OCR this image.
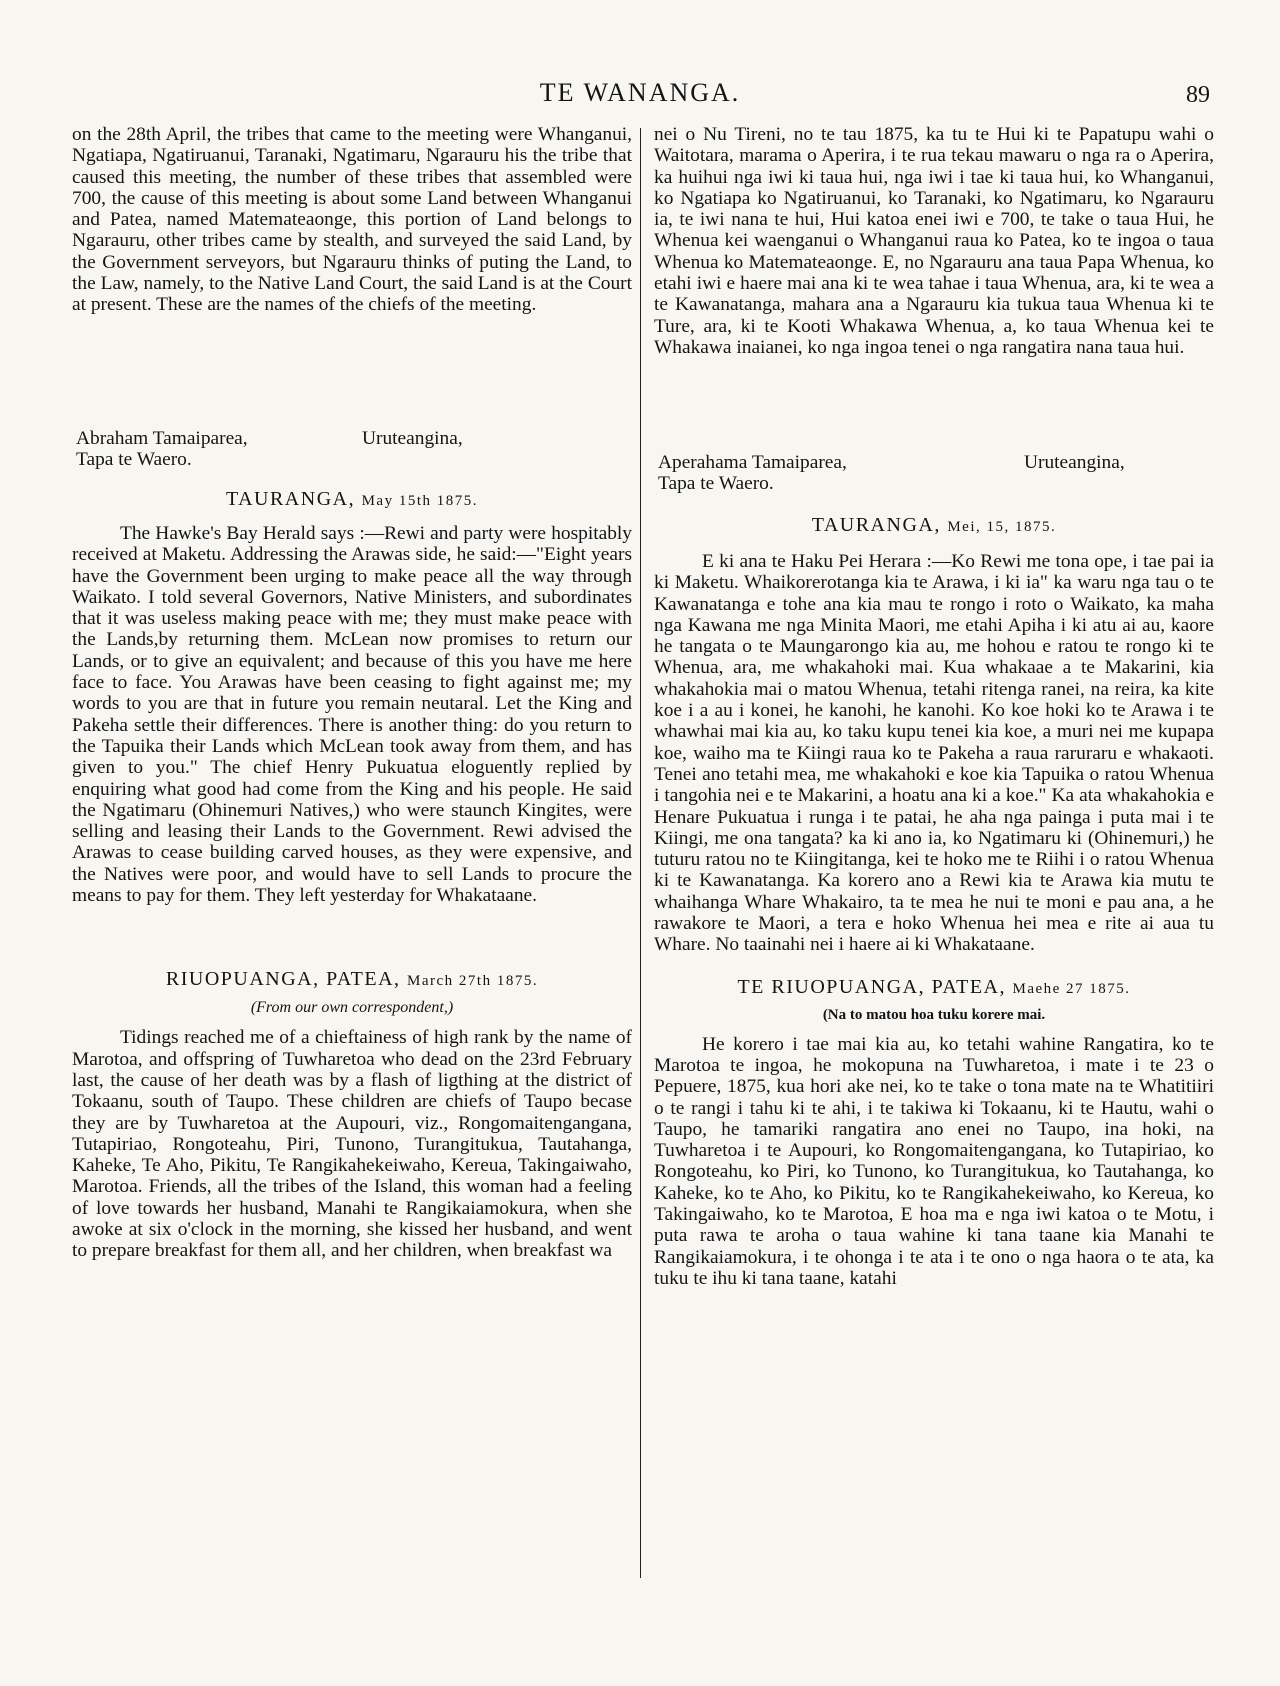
TE WANANGA.	89

on the 28th April, the tribes that came to the meeting were Whanganui, Ngatiapa, Ngatiruanui, Taranaki, Ngatimaru, Ngarauru his the tribe that caused this meeting, the number of these tribes that assembled were 700, the cause of this meeting is about some Land between Whanganui and Patea, named Matemateaonge, this portion of Land belongs to Ngarauru, other tribes came by stealth, and surveyed the said Land, by the Government serveyors, but Ngarauru thinks of puting the Land, to the Law, namely, to the Native Land Court, the said Land is at the Court at present. These are the names of the chiefs of the meeting.

Abraham Tamaiparea,	Uruteangina,
Tapa te Waero.
TAURANGA, May 15th 1875.

The Hawke's Bay Herald says :—Rewi and party were hospitably received at Maketu. Addressing the Arawas side, he said:—"Eight years have the Government been urging to make peace all the way through Waikato. I told several Governors, Native Ministers, and subordinates that it was useless making peace with me; they must make peace with the Lands,by returning them. McLean now promises to return our Lands, or to give an equivalent; and because of this you have me here face to face. You Arawas have been ceasing to fight against me; my words to you are that in future you remain neutaral. Let the King and Pakeha settle their differences. There is another thing: do you return to the Tapuika their Lands which McLean took away from them, and has given to you." The chief Henry Pukuatua eloguently replied by enquiring what good had come from the King and his people. He said the Ngatimaru (Ohinemuri Natives,) who were staunch Kingites, were selling and leasing their Lands to the Government. Rewi advised the Arawas to cease building carved houses, as they were expensive, and the Natives were poor, and would have to sell Lands to procure the means to pay for them. They left yesterday for Whakataane.

RIUOPUANGA, PATEA, March 27th 1875.

(From our own correspondent,)

Tidings reached me of a chieftainess of high rank by the name of Marotoa, and offspring of Tuwharetoa who dead on the 23rd February last, the cause of her death was by a flash of ligthing at the district of Tokaanu, south of Taupo. These children are chiefs of Taupo becase they are by Tuwharetoa at the Aupouri, viz., Rongomaitengangana, Tutapiriao, Rongoteahu, Piri, Tunono, Turangitukua, Tautahanga, Kaheke, Te Aho, Pikitu, Te Rangikahekeiwaho, Kereua, Takingaiwaho, Marotoa. Friends, all the tribes of the Island, this woman had a feeling of love towards her husband, Manahi te Rangikaiamokura, when she awoke at six o'clock in the morning, she kissed her husband, and went to prepare breakfast for them all, and her children, when breakfast wa

nei o Nu Tireni, no te tau 1875, ka tu te Hui ki te Papatupu wahi o Waitotara, marama o Aperira, i te rua tekau mawaru o nga ra o Aperira, ka huihui nga iwi ki taua hui, nga iwi i tae ki taua hui, ko Whanganui, ko Ngatiapa ko Ngatiruanui, ko Taranaki, ko Ngatimaru, ko Ngarauru ia, te iwi nana te hui, Hui katoa enei iwi e 700, te take o taua Hui, he Whenua kei waenganui o Whanganui raua ko Patea, ko te ingoa o taua Whenua ko Matemateaonge. E, no Ngarauru ana taua Papa Whenua, ko etahi iwi e haere mai ana ki te wea tahae i taua Whenua, ara, ki te wea a te Kawanatanga, mahara ana a Ngarauru kia tukua taua Whenua ki te Ture, ara, ki te Kooti Whakawa Whenua, a, ko taua Whenua kei te Whakawa inaianei, ko nga ingoa tenei o nga rangatira nana taua hui.

Aperahama Tamaiparea,	Uruteangina,
Tapa te Waero.
TAURANGA, Mei, 15, 1875.

E ki ana te Haku Pei Herara :—Ko Rewi me tona ope, i tae pai ia ki Maketu. Whaikorerotanga kia te Arawa, i ki ia" ka waru nga tau o te Kawanatanga e tohe ana kia mau te rongo i roto o Waikato, ka maha nga Kawana me nga Minita Maori, me etahi Apiha i ki atu ai au, kaore he tangata o te Maungarongo kia au, me hohou e ratou te rongo ki te Whenua, ara, me whakahoki mai. Kua whakaae a te Makarini, kia whakahokia mai o matou Whenua, tetahi ritenga ranei, na reira, ka kite koe i a au i konei, he kanohi, he kanohi. Ko koe hoki ko te Arawa i te whawhai mai kia au, ko taku kupu tenei kia koe, a muri nei me kupapa koe, waiho ma te Kiingi raua ko te Pakeha a raua raruraru e whakaoti. Tenei ano tetahi mea, me whakahoki e koe kia Tapuika o ratou Whenua i tangohia nei e te Makarini, a hoatu ana ki a koe." Ka ata whakahokia e Henare Pukuatua i runga i te patai, he aha nga painga i puta mai i te Kiingi, me ona tangata? ka ki ano ia, ko Ngatimaru ki (Ohinemuri,) he tuturu ratou no te Kiingitanga, kei te hoko me te Riihi i o ratou Whenua ki te Kawanatanga. Ka korero ano a Rewi kia te Arawa kia mutu te whaihanga Whare Whakairo, ta te mea he nui te moni e pau ana, a he rawakore te Maori, a tera e hoko Whenua hei mea e rite ai aua tu Whare. No taainahi nei i haere ai ki Whakataane.

TE RIUOPUANGA, PATEA, Maehe 27 1875.

(Na to matou hoa tuku korere mai.

He korero i tae mai kia au, ko tetahi wahine Rangatira, ko te Marotoa te ingoa, he mokopuna na Tuwharetoa, i mate i te 23 o Pepuere, 1875, kua hori ake nei, ko te take o tona mate na te Whatitiiri o te rangi i tahu ki te ahi, i te takiwa ki Tokaanu, ki te Hautu, wahi o Taupo, he tamariki rangatira ano enei no Taupo, ina hoki, na Tuwharetoa i te Aupouri, ko Rongomaitengangana, ko Tutapiriao, ko Rongoteahu, ko Piri, ko Tunono, ko Turangitukua, ko Tautahanga, ko Kaheke, ko te Aho, ko Pikitu, ko te Rangikahekeiwaho, ko Kereua, ko Takingaiwaho, ko te Marotoa, E hoa ma e nga iwi katoa o te Motu, i puta rawa te aroha o taua wahine ki tana taane kia Manahi te Rangikaiamokura, i te ohonga i te ata i te ono o nga haora o te ata, ka tuku te ihu ki tana taane, katahi
